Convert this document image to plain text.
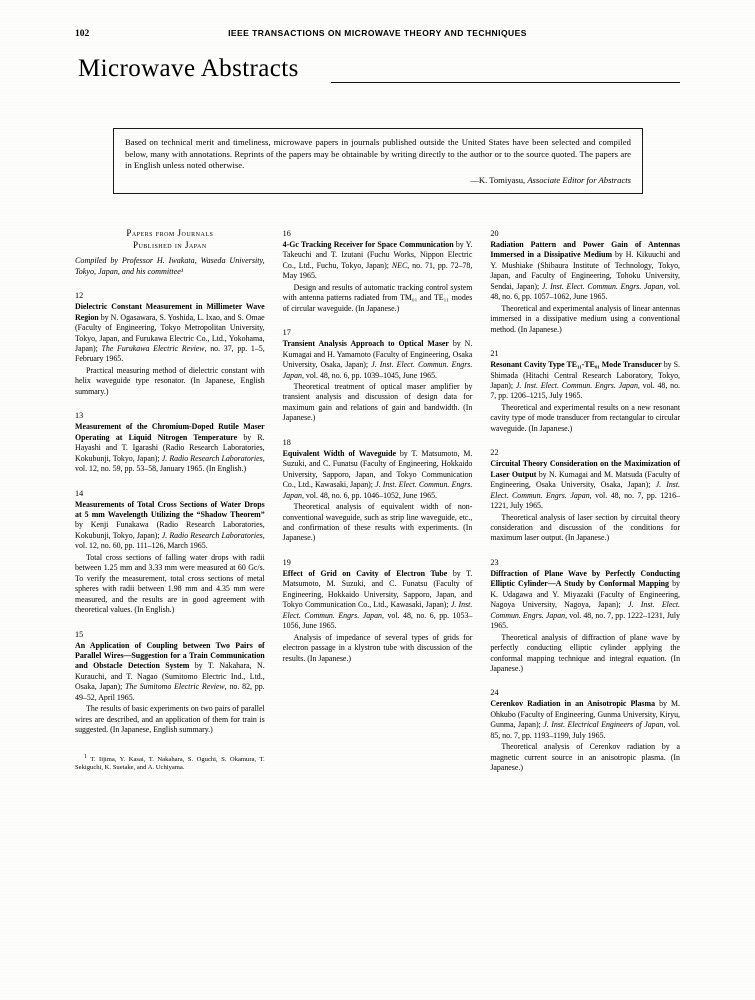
102	IEEE TRANSACTIONS ON MICROWAVE THEORY AND TECHNIQUES
Microwave Abstracts

Based on technical merit and timeliness, microwave papers in journals published outside the United States have been selected and compiled below, many with annotations. Reprints of the papers may be obtainable by writing directly to the author or to the source quoted. The papers are in English unless noted otherwise.

—K. Tomiyasu, Associate Editor for Abstracts
Papers from Journals
Published in Japan
Compiled by Professor H. Iwakata, Waseda University, Tokyo, Japan, and his committee¹
12
Dielectric Constant Measurement in Millimeter Wave Region by N. Ogasawara, S. Yoshida, L. Ixao, and S. Omae (Faculty of Engineering, Tokyo Metropolitan University, Tokyo, Japan, and Furukawa Electric Co., Ltd., Yokohama, Japan); The Furukawa Electric Review, no. 37, pp. 1–5, February 1965.
Practical measuring method of dielectric constant with helix waveguide type resonator. (In Japanese, English summary.)
13
Measurement of the Chromium-Doped Rutile Maser Operating at Liquid Nitrogen Temperature by R. Hayashi and T. Igarashi (Radio Research Laboratories, Kokubunji, Tokyo, Japan); J. Radio Research Laboratories, vol. 12, no. 59, pp. 53–58, January 1965. (In English.)
14
Measurements of Total Cross Sections of Water Drops at 5 mm Wavelength Utilizing the “Shadow Theorem” by Kenji Funakawa (Radio Research Laboratories, Kokubunji, Tokyo, Japan); J. Radio Research Laboratories, vol. 12, no. 60, pp. 111–126, March 1965.
Total cross sections of falling water drops with radii between 1.25 mm and 3.33 mm were measured at 60 Gc/s. To verify the measurement, total cross sections of metal spheres with radii between 1.98 mm and 4.35 mm were measured, and the results are in good agreement with theoretical values. (In English.)
15
An Application of Coupling between Two Pairs of Parallel Wires—Suggestion for a Train Communication and Obstacle Detection System by T. Nakahara, N. Kurauchi, and T. Nagao (Sumitomo Electric Ind., Ltd., Osaka, Japan); The Sumitomo Electric Review, no. 82, pp. 49–52, April 1965.
The results of basic experiments on two pairs of parallel wires are described, and an application of them for train is suggested. (In Japanese, English summary.)
1 T. Iijima, Y. Kasai, T. Nakahara, S. Oguchi, S. Okamura, T. Sekiguchi, K. Suetake, and A. Uchiyama.
16
4-Gc Tracking Receiver for Space Communication by Y. Takeuchi and T. Izutani (Fuchu Works, Nippon Electric Co., Ltd., Fuchu, Tokyo, Japan); NEC, no. 71, pp. 72–78, May 1965.
Design and results of automatic tracking control system with antenna patterns radiated from TM₀₁ and TE₁₁ modes of circular waveguide. (In Japanese.)
17
Transient Analysis Approach to Optical Maser by N. Kumagai and H. Yamamoto (Faculty of Engineering, Osaka University, Osaka, Japan); J. Inst. Elect. Commun. Engrs. Japan, vol. 48, no. 6, pp. 1039–1045, June 1965.
Theoretical treatment of optical maser amplifier by transient analysis and discussion of design data for maximum gain and relations of gain and bandwidth. (In Japanese.)
18
Equivalent Width of Waveguide by T. Matsumoto, M. Suzuki, and C. Funatsu (Faculty of Engineering, Hokkaido University, Sapporo, Japan, and Tokyo Communication Co., Ltd., Kawasaki, Japan); J. Inst. Elect. Commun. Engrs. Japan, vol. 48, no. 6, pp. 1046–1052, June 1965.
Theoretical analysis of equivalent width of non-conventional waveguide, such as strip line waveguide, etc., and confirmation of these results with experiments. (In Japanese.)
19
Effect of Grid on Cavity of Electron Tube by T. Matsumoto, M. Suzuki, and C. Funatsu (Faculty of Engineering, Hokkaido University, Sapporo, Japan, and Tokyo Communication Co., Ltd., Kawasaki, Japan); J. Inst. Elect. Commun. Engrs. Japan, vol. 48, no. 6, pp. 1053–1056, June 1965.
Analysis of impedance of several types of grids for electron passage in a klystron tube with discussion of the results. (In Japanese.)
20
Radiation Pattern and Power Gain of Antennas Immersed in a Dissipative Medium by H. Kikuuchi and Y. Mushiake (Shibaura Institute of Technology, Tokyo, Japan, and Faculty of Engineering, Tohoku University, Sendai, Japan); J. Inst. Elect. Commun. Engrs. Japan, vol. 48, no. 6, pp. 1057–1062, June 1965.
Theoretical and experimental analysis of linear antennas immersed in a dissipative medium using a conventional method. (In Japanese.)
21
Resonant Cavity Type TE₁₁-TE₀₁ Mode Transducer by S. Shimada (Hitachi Central Research Laboratory, Tokyo, Japan); J. Inst. Elect. Commun. Engrs. Japan, vol. 48, no. 7, pp. 1206–1215, July 1965.
Theoretical and experimental results on a new resonant cavity type of mode transducer from rectangular to circular waveguide. (In Japanese.)
22
Circuital Theory Consideration on the Maximization of Laser Output by N. Kumagai and M. Matsuda (Faculty of Engineering, Osaka University, Osaka, Japan); J. Inst. Elect. Commun. Engrs. Japan, vol. 48, no. 7, pp. 1216–1221, July 1965.
Theoretical analysis of laser section by circuital theory consideration and discussion of the conditions for maximum laser output. (In Japanese.)
23
Diffraction of Plane Wave by Perfectly Conducting Elliptic Cylinder—A Study by Conformal Mapping by K. Udagawa and Y. Miyazaki (Faculty of Engineering, Nagoya University, Nagoya, Japan); J. Inst. Elect. Commun. Engrs. Japan, vol. 48, no. 7, pp. 1222–1231, July 1965.
Theoretical analysis of diffraction of plane wave by perfectly conducting elliptic cylinder applying the conformal mapping technique and integral equation. (In Japanese.)
24
Cerenkov Radiation in an Anisotropic Plasma by M. Ohkubo (Faculty of Engineering, Gunma University, Kiryu, Gunma, Japan); J. Inst. Electrical Engineers of Japan, vol. 85, no. 7, pp. 1193–1199, July 1965.
Theoretical analysis of Cerenkov radiation by a magnetic current source in an anisotropic plasma. (In Japanese.)
